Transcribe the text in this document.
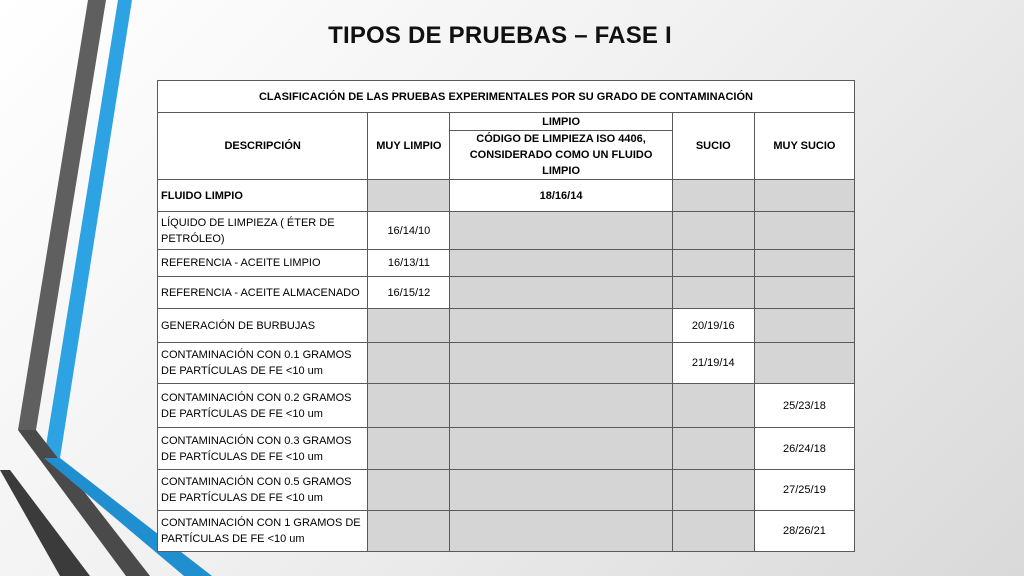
TIPOS DE PRUEBAS – FASE I
CLASIFICACIÓN DE LAS PRUEBAS EXPERIMENTALES POR SU GRADO DE CONTAMINACIÓN				
DESCRIPCIÓN	MUY LIMPIO	LIMPIO	SUCIO	MUY SUCIO
		CÓDIGO DE LIMPIEZA ISO 4406, CONSIDERADO COMO UN FLUIDO LIMPIO		
FLUIDO LIMPIO		18/16/14		
LÍQUIDO DE LIMPIEZA ( ÉTER DE PETRÓLEO)	16/14/10			
REFERENCIA - ACEITE LIMPIO	16/13/11			
REFERENCIA - ACEITE ALMACENADO	16/15/12			
GENERACIÓN DE BURBUJAS			20/19/16	
CONTAMINACIÓN CON 0.1 GRAMOS DE PARTÍCULAS DE FE <10 um			21/19/14	
CONTAMINACIÓN CON 0.2 GRAMOS DE PARTÍCULAS DE FE <10 um				25/23/18
CONTAMINACIÓN CON 0.3 GRAMOS DE PARTÍCULAS DE FE <10 um				26/24/18
CONTAMINACIÓN CON 0.5 GRAMOS DE PARTÍCULAS DE FE <10 um				27/25/19
CONTAMINACIÓN CON 1 GRAMOS DE PARTÍCULAS DE FE <10 um				28/26/21
